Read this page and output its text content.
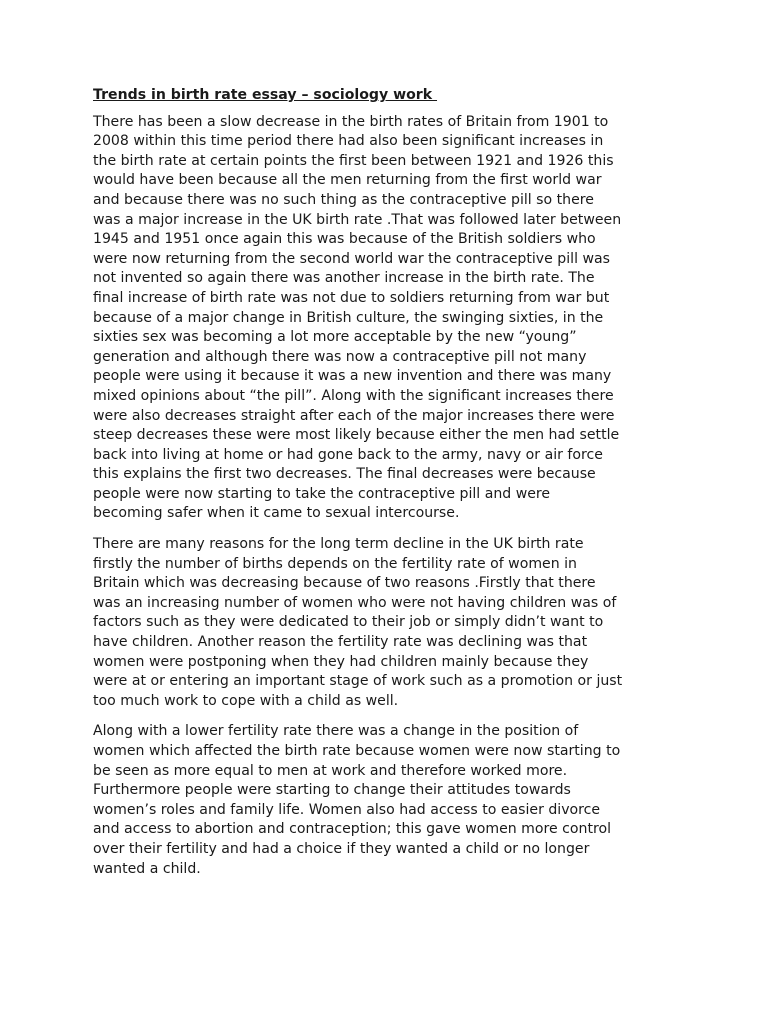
Trends in birth rate essay – sociology work
There has been a slow decrease in the birth rates of Britain from 1901 to
2008 within this time period there had also been significant increases in
the birth rate at certain points the first been between 1921 and 1926 this
would have been because all the men returning from the first world war
and because there was no such thing as the contraceptive pill so there
was a major increase in the UK birth rate .That was followed later between
1945 and 1951 once again this was because of the British soldiers who
were now returning from the second world war the contraceptive pill was
not invented so again there was another increase in the birth rate. The
final increase of birth rate was not due to soldiers returning from war but
because of a major change in British culture, the swinging sixties, in the
sixties sex was becoming a lot more acceptable by the new “young”
generation and although there was now a contraceptive pill not many
people were using it because it was a new invention and there was many
mixed opinions about “the pill”. Along with the significant increases there
were also decreases straight after each of the major increases there were
steep decreases these were most likely because either the men had settle
back into living at home or had gone back to the army, navy or air force
this explains the first two decreases. The final decreases were because
people were now starting to take the contraceptive pill and were
becoming safer when it came to sexual intercourse.
There are many reasons for the long term decline in the UK birth rate
firstly the number of births depends on the fertility rate of women in
Britain which was decreasing because of two reasons .Firstly that there
was an increasing number of women who were not having children was of
factors such as they were dedicated to their job or simply didn’t want to
have children. Another reason the fertility rate was declining was that
women were postponing when they had children mainly because they
were at or entering an important stage of work such as a promotion or just
too much work to cope with a child as well.
Along with a lower fertility rate there was a change in the position of
women which affected the birth rate because women were now starting to
be seen as more equal to men at work and therefore worked more.
Furthermore people were starting to change their attitudes towards
women’s roles and family life. Women also had access to easier divorce
and access to abortion and contraception; this gave women more control
over their fertility and had a choice if they wanted a child or no longer
wanted a child.
